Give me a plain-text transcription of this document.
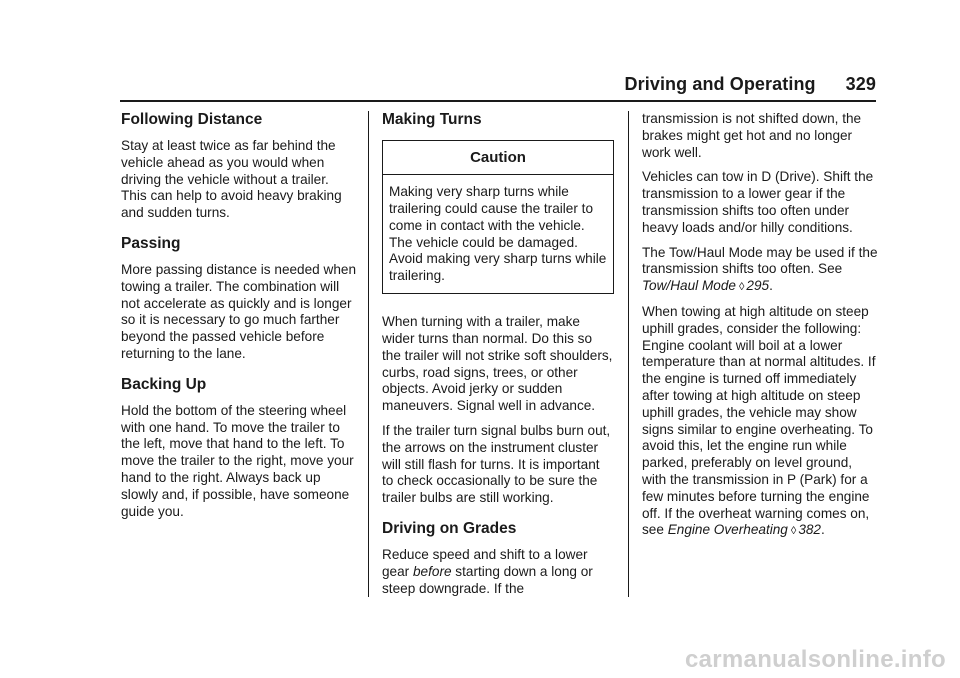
Driving and Operating 329
Following Distance

Stay at least twice as far behind the vehicle ahead as you would when driving the vehicle without a trailer. This can help to avoid heavy braking and sudden turns.

Passing

More passing distance is needed when towing a trailer. The combination will not accelerate as quickly and is longer so it is necessary to go much farther beyond the passed vehicle before returning to the lane.

Backing Up

Hold the bottom of the steering wheel with one hand. To move the trailer to the left, move that hand to the left. To move the trailer to the right, move your hand to the right. Always back up slowly and, if possible, have someone guide you.

Making Turns
Caution
Making very sharp turns while trailering could cause the trailer to come in contact with the vehicle. The vehicle could be damaged. Avoid making very sharp turns while trailering.

When turning with a trailer, make wider turns than normal. Do this so the trailer will not strike soft shoulders, curbs, road signs, trees, or other objects. Avoid jerky or sudden maneuvers. Signal well in advance.

If the trailer turn signal bulbs burn out, the arrows on the instrument cluster will still flash for turns. It is important to check occasionally to be sure the trailer bulbs are still working.

Driving on Grades

Reduce speed and shift to a lower gear before starting down a long or steep downgrade. If the

transmission is not shifted down, the brakes might get hot and no longer work well.

Vehicles can tow in D (Drive). Shift the transmission to a lower gear if the transmission shifts too often under heavy loads and/or hilly conditions.

The Tow/Haul Mode may be used if the transmission shifts too often. See Tow/Haul Mode ◊ 295.

When towing at high altitude on steep uphill grades, consider the following: Engine coolant will boil at a lower temperature than at normal altitudes. If the engine is turned off immediately after towing at high altitude on steep uphill grades, the vehicle may show signs similar to engine overheating. To avoid this, let the engine run while parked, preferably on level ground, with the transmission in P (Park) for a few minutes before turning the engine off. If the overheat warning comes on, see Engine Overheating ◊ 382.

carmanualsonline.info
